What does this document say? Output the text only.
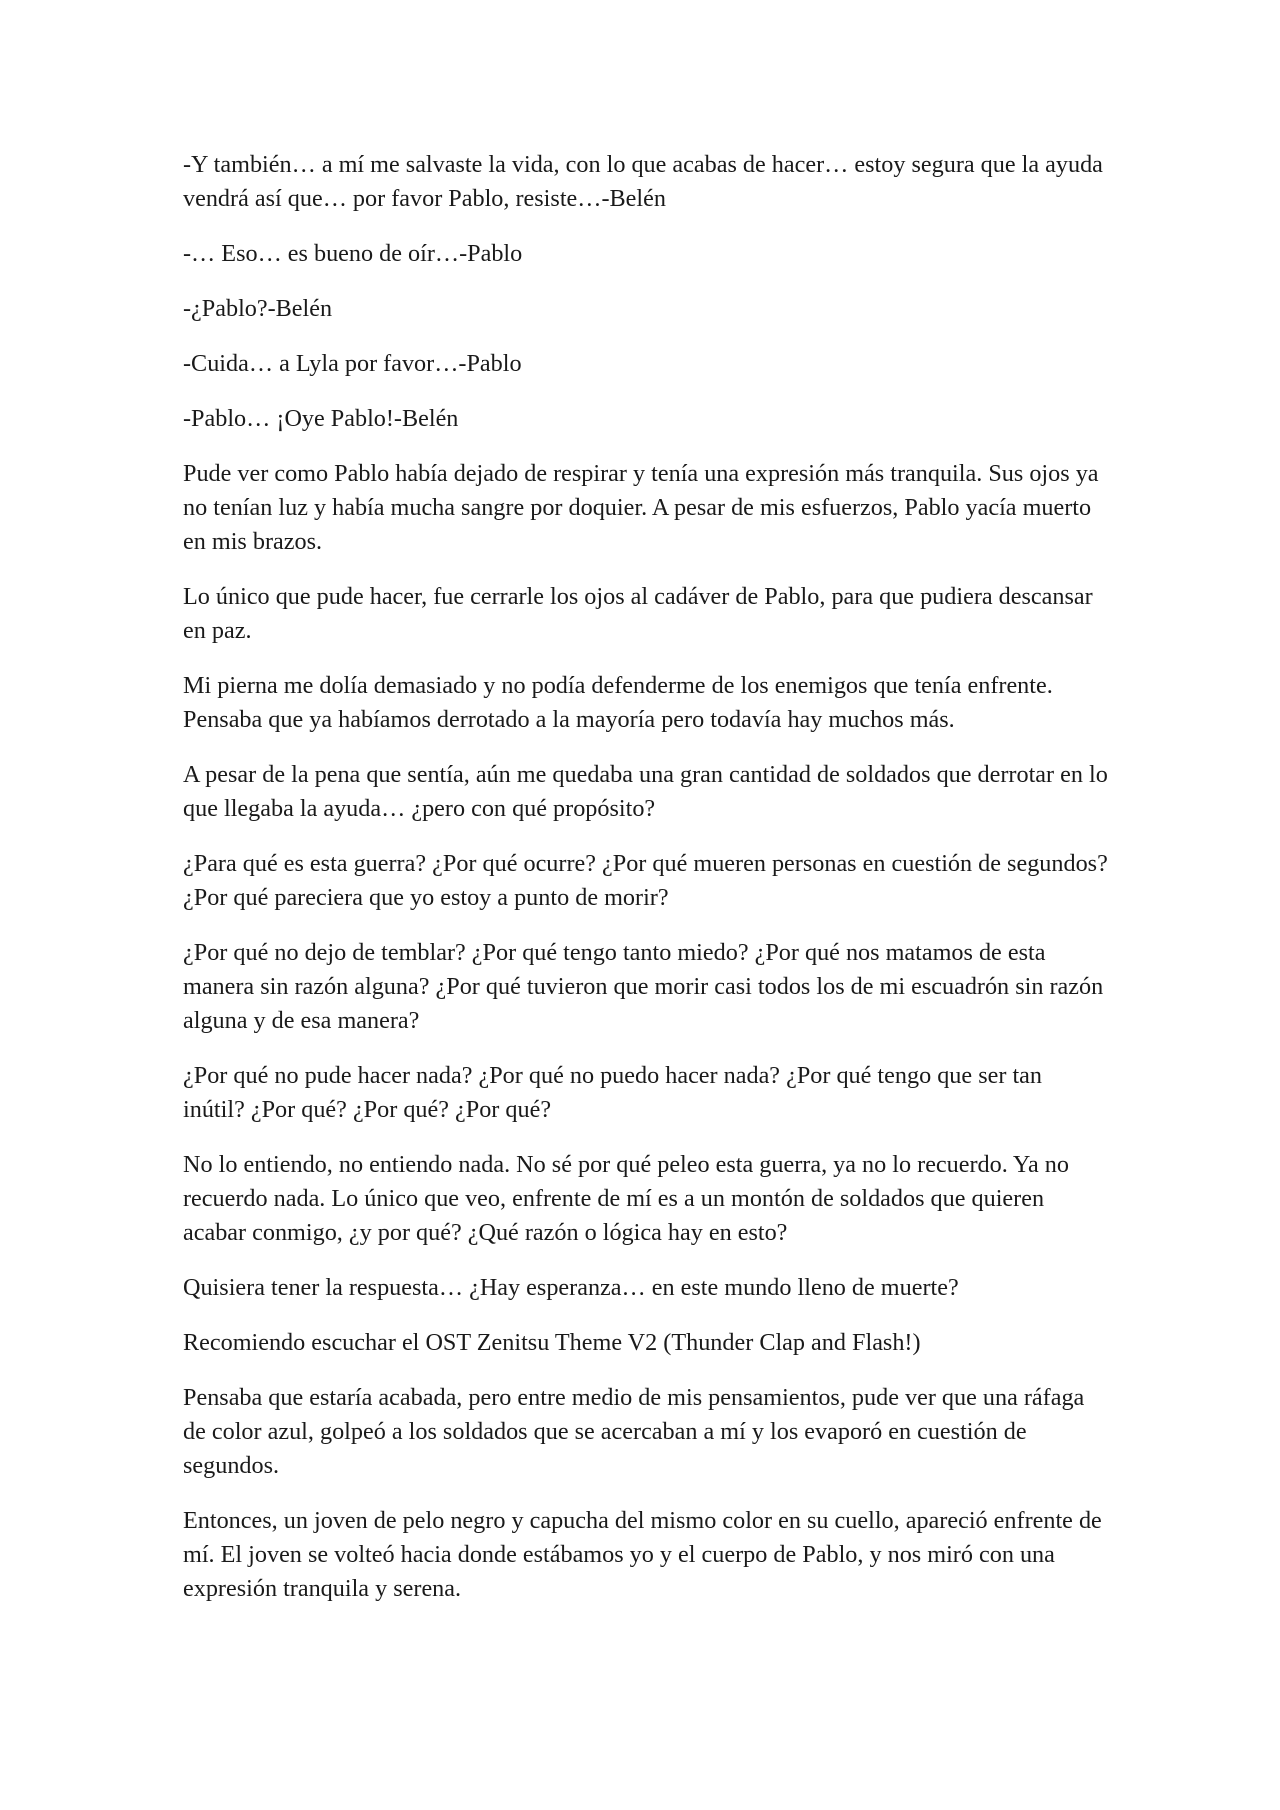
-Y también… a mí me salvaste la vida, con lo que acabas de hacer… estoy segura que la ayuda vendrá así que… por favor Pablo, resiste…-Belén

-… Eso… es bueno de oír…-Pablo

-¿Pablo?-Belén

-Cuida… a Lyla por favor…-Pablo

-Pablo… ¡Oye Pablo!-Belén

Pude ver como Pablo había dejado de respirar y tenía una expresión más tranquila. Sus ojos ya no tenían luz y había mucha sangre por doquier. A pesar de mis esfuerzos, Pablo yacía muerto en mis brazos.

Lo único que pude hacer, fue cerrarle los ojos al cadáver de Pablo, para que pudiera descansar en paz.

Mi pierna me dolía demasiado y no podía defenderme de los enemigos que tenía enfrente. Pensaba que ya habíamos derrotado a la mayoría pero todavía hay muchos más.

A pesar de la pena que sentía, aún me quedaba una gran cantidad de soldados que derrotar en lo que llegaba la ayuda… ¿pero con qué propósito?

¿Para qué es esta guerra? ¿Por qué ocurre? ¿Por qué mueren personas en cuestión de segundos? ¿Por qué pareciera que yo estoy a punto de morir?

¿Por qué no dejo de temblar? ¿Por qué tengo tanto miedo? ¿Por qué nos matamos de esta manera sin razón alguna? ¿Por qué tuvieron que morir casi todos los de mi escuadrón sin razón alguna y de esa manera?

¿Por qué no pude hacer nada? ¿Por qué no puedo hacer nada? ¿Por qué tengo que ser tan inútil? ¿Por qué? ¿Por qué? ¿Por qué?

No lo entiendo, no entiendo nada. No sé por qué peleo esta guerra, ya no lo recuerdo. Ya no recuerdo nada. Lo único que veo, enfrente de mí es a un montón de soldados que quieren acabar conmigo, ¿y por qué? ¿Qué razón o lógica hay en esto?

Quisiera tener la respuesta… ¿Hay esperanza… en este mundo lleno de muerte?

Recomiendo escuchar el OST Zenitsu Theme V2 (Thunder Clap and Flash!)

Pensaba que estaría acabada, pero entre medio de mis pensamientos, pude ver que una ráfaga de color azul, golpeó a los soldados que se acercaban a mí y los evaporó en cuestión de segundos.

Entonces, un joven de pelo negro y capucha del mismo color en su cuello, apareció enfrente de mí. El joven se volteó hacia donde estábamos yo y el cuerpo de Pablo, y nos miró con una expresión tranquila y serena.
